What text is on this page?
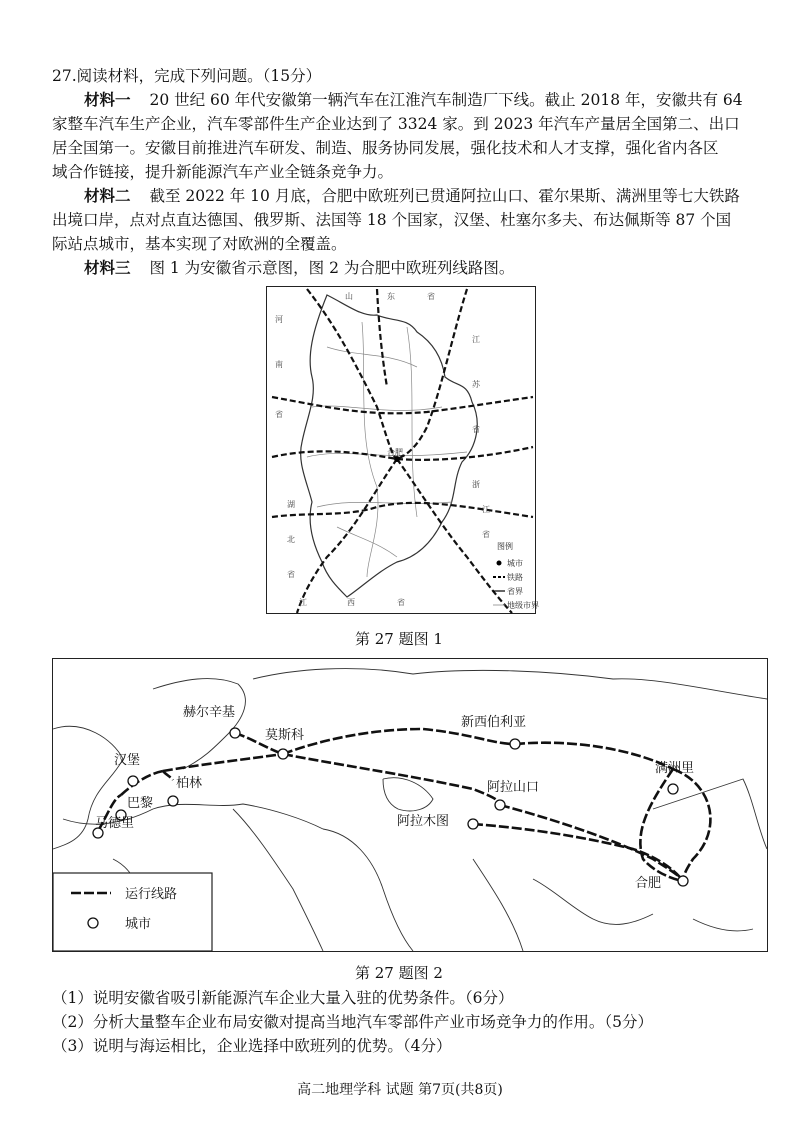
27.阅读材料，完成下列问题。（15分）
材料一 20 世纪 60 年代安徽第一辆汽车在江淮汽车制造厂下线。截止 2018 年，安徽共有 64
家整车汽车生产企业，汽车零部件生产企业达到了 3324 家。到 2023 年汽车产量居全国第二、出口
居全国第一。安徽目前推进汽车研发、制造、服务协同发展，强化技术和人才支撑，强化省内各区
域合作链接，提升新能源汽车产业全链条竞争力。
材料二 截至 2022 年 10 月底，合肥中欧班列已贯通阿拉山口、霍尔果斯、满洲里等七大铁路
出境口岸，点对点直达德国、俄罗斯、法国等 18 个国家，汉堡、杜塞尔多夫、布达佩斯等 87 个国
际站点城市，基本实现了对欧洲的全覆盖。
材料三 图 1 为安徽省示意图，图 2 为合肥中欧班列线路图。
合肥
山	东	省
河
南
省
江
苏
省
浙
江
省
湖
北
省
江	西	省
图例
城市
铁路
省界
地级市界
第 27 题图 1
赫尔辛基
莫斯科
新西伯利亚
满洲里
汉堡
柏林
巴黎
马德里
阿拉山口
阿拉木图
合肥
运行线路
城市
第 27 题图 2
（1）说明安徽省吸引新能源汽车企业大量入驻的优势条件。（6分）
（2）分析大量整车企业布局安徽对提高当地汽车零部件产业市场竞争力的作用。（5分）
（3）说明与海运相比，企业选择中欧班列的优势。（4分）
高二地理学科 试题 第7页(共8页)
